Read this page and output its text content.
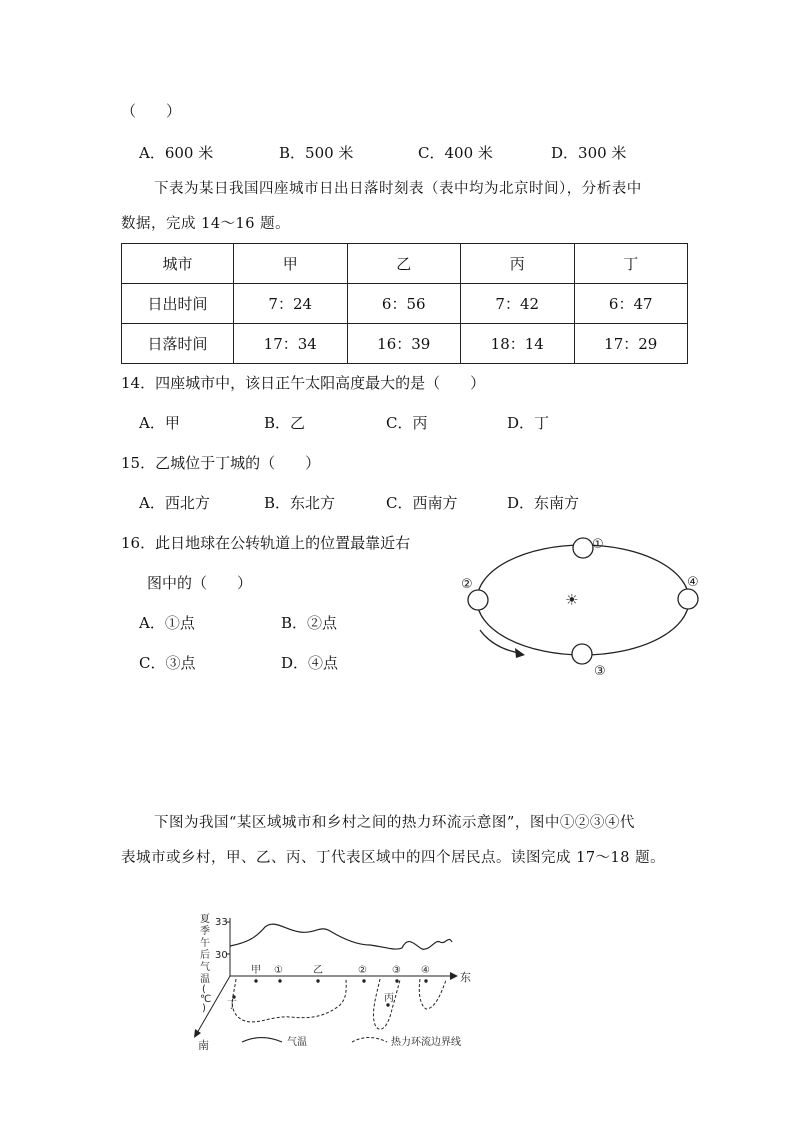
（　　）
A．600 米	B．500 米	C．400 米	D．300 米
下表为某日我国四座城市日出日落时刻表（表中均为北京时间），分析表中
数据，完成 14～16 题。
城市	甲	乙	丙	丁
日出时间	7：24	6：56	7：42	6：47
日落时间	17：34	16：39	18：14	17：29
14．四座城市中，该日正午太阳高度最大的是（　　）
A．甲	B．乙	C．丙	D．丁
15．乙城位于丁城的（　　）
A．西北方	B．东北方	C．西南方	D．东南方
16．此日地球在公转轨道上的位置最靠近右
图中的（　　）
A．①点	B．②点
C．③点	D．④点
☀
①
②
③
④
下图为我国“某区域城市和乡村之间的热力环流示意图”，图中①②③④代
表城市或乡村，甲、乙、丙、丁代表区域中的四个居民点。读图完成 17～18 题。
夏
季
午
后
气
温
(
℃
)
33
30
东
甲 ①	乙	②	③ ④
南
丁
丙
气温	热力环流边界线
